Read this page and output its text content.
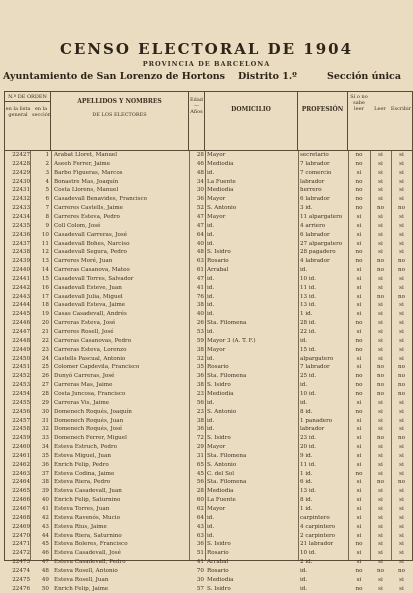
CENSO ELECTORAL DE 1904
PROVINCIA DE BARCELONA
Ayuntamiento de San Lorenzo de Hortons Distrito 1.º	Sección única
N.º DE ORDEN
en la lista general
en la sección
APELLIDOS Y NOMBRES
DE LOS ELECTORES
Edad — Años	DOMICILIO	PROFESIÓN
Sí o no sabe leer	Leer	Escribir
22427	1 Arabat Lloret, Manuel	28 Mayor	secretario	no	si	si
22428	2 Aseeh Ferrer, Jaime	46 Mediodia	7 labrador	no	si	si
22429	3 Barbo Figueras, Marcos	48 id.	7 comercio	si	si	si
22430	4 Bonastre Mas, Joaquín	34 La Fuente	labrador	no	si	si
22431	5 Costa Llorens, Manuel	30 Mediodia	herrero	no	si	si
22432	6 Casadevall Benavides, Francisco	36 Mayor	6 labrador	no	si	si
22433	7 Carreres Castells, Jaime	52 S. Antonio	3 id.	no	no	no
22434	8 Carreres Esteva, Pedro	47 Mayor	11 alpargatero	si	si	si
22435	9 Coll Colom, José	47 id.	4 arriero	si	si	si
22436	10 Casadevall Carreras, José	64 id.	6 labrador	si	si	si
22437	11 Casadevall Bohes, Narciso	40 id.	27 alpargatero	si	si	si
22438	12 Casadevall Segura, Pedro	48 S. Isidro	28 pagadero	no	si	si
22439	13 Carreres Moré, Juan	63 Rosario	4 labrador	no	no	no
22440	14 Carreras Casanova, Mateo	61 Arrabal	id.	si	no	no
22441	15 Casadevall Torres, Salvador	47 id.	10 id.	si	si	si
22442	16 Casadevall Esteve, Juan	41 id.	11 id.	si	si	si
22443	17 Casadevall Julia, Miguel	76 id.	13 id.	si	no	no
22444	18 Casadevall Esteva, Jaime	38 id.	13 id.	si	si	si
22445	19 Casas Casadevall, Andrés	40 id.	1 id.	si	si	si
22446	20 Carreras Esteva, José	26 Sta. Filomena	28 id.	no	si	si
22447	21 Carreres Rosell, José	53 id.	22 id.	si	si	si
22448	22 Carreras Casanovas, Pedro	59 Mayor 3 (A. T. F.)	id.	no	si	si
22449	23 Carreras Esteva, Lorenzo	38 Mayor	15 id.	no	si	si
22450	24 Castells Pascual, Antonio	32 id.	alpargatero	si	si	si
22451	25 Colomer Capdevila, Francisco	35 Rosario	7 labrador	si	no	no
22452	26 Dunyó Carreras, José	36 Sta. Filomena	25 id.	no	no	no
22453	27 Carreras Mas, Jaime	38 S. Isidro	id.	no	no	no
22454	28 Costa Juncosa, Francisco	23 Mediodia	10 id.	no	no	no
22455	29 Carreras Vis, Jaime	56 id.	id.	si	si	si
22456	30 Domenech Roqués, Joaquín	23 S. Antonio	8 id.	no	si	si
22457	31 Domenech Roqués, Juan	38 id.	1 panadero	si	si	si
22458	32 Domenech Roqués, José	36 id.	labrador	si	si	si
22459	33 Domenech Ferrer, Miguel	72 S. Isidro	23 id.	si	no	no
22460	34 Esteva Estruch, Pedro	29 Mayor	20 id.	si	si	si
22461	35 Esteva Miguel, Juan	31 Sta. Filomena	9 id.	si	si	si
22462	36 Enrich Felip, Pedro	65 S. Antonio	11 id.	si	si	si
22463	37 Esteva Codina, Jaime	45 C. del Sol	1 id.	no	si	si
22464	38 Esteva Riera, Pedro	56 Sta. Filomena	6 id.	si	no	no
22465	39 Esteva Casadevall, Juan	28 Mediodia	13 id.	si	si	si
22466	40 Enrich Felip, Saturnino	60 La Fuente	8 id.	si	si	si
22467	41 Esteva Torres, Juan	62 Mayor	1 id.	si	si	si
22468	42 Esteva Ravenós, Mucio	64 id.	carpintero	si	si	si
22469	43 Esteva Rius, Jaime	43 id.	4 carpintero	si	si	si
22470	44 Esteva Riera, Saturnino	63 id.	2 carpintero	si	si	si
22471	45 Esteva Boleres, Francisco	36 S. Isidro	21 labrador	no	si	si
22472	46 Esteva Casadevall, José	51 Rosario	10 id.	si	si	si
22473	47 Esteva Casadevall, Pedro	41 Arrabal	2 id.	si	si	si
22474	48 Esteva Rosell, Antonio	70 Rosario	id.	no	no	no
22475	49 Esteva Rosell, Juan	30 Mediodia	id.	si	si	si
22476	50 Enrich Felip, Jaime	57 S. Isidro	id.	no	si	si
